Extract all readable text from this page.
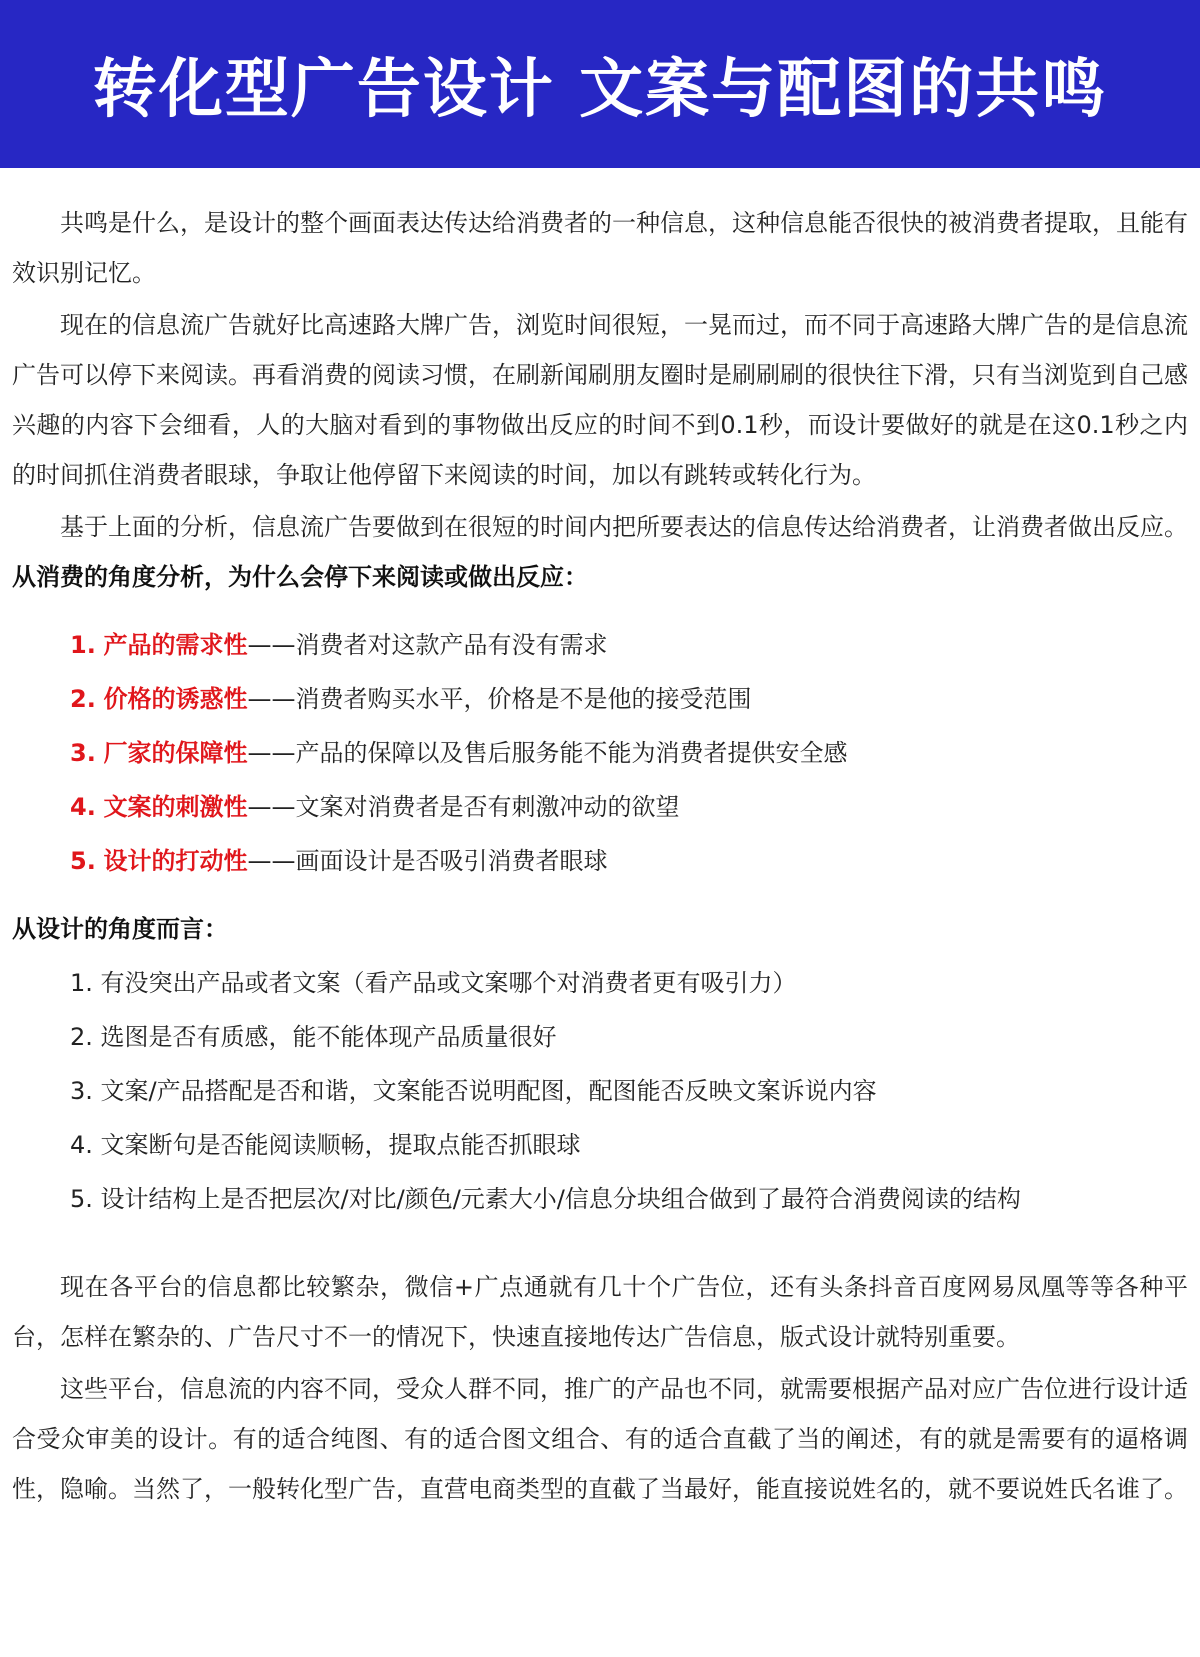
转化型广告设计 文案与配图的共鸣

共鸣是什么，是设计的整个画面表达传达给消费者的一种信息，这种信息能否很快的被消费者提取，且能有效识别记忆。

现在的信息流广告就好比高速路大牌广告，浏览时间很短，一晃而过，而不同于高速路大牌广告的是信息流广告可以停下来阅读。再看消费的阅读习惯，在刷新闻刷朋友圈时是刷刷刷的很快往下滑，只有当浏览到自己感兴趣的内容下会细看，人的大脑对看到的事物做出反应的时间不到0.1秒，而设计要做好的就是在这0.1秒之内的时间抓住消费者眼球，争取让他停留下来阅读的时间，加以有跳转或转化行为。

基于上面的分析，信息流广告要做到在很短的时间内把所要表达的信息传达给消费者，让消费者做出反应。从消费的角度分析，为什么会停下来阅读或做出反应：

1. 产品的需求性——消费者对这款产品有没有需求
2. 价格的诱惑性——消费者购买水平，价格是不是他的接受范围
3. 厂家的保障性——产品的保障以及售后服务能不能为消费者提供安全感
4. 文案的刺激性——文案对消费者是否有刺激冲动的欲望
5. 设计的打动性——画面设计是否吸引消费者眼球
从设计的角度而言：
1. 有没突出产品或者文案（看产品或文案哪个对消费者更有吸引力）
2. 选图是否有质感，能不能体现产品质量很好
3. 文案/产品搭配是否和谐，文案能否说明配图，配图能否反映文案诉说内容
4. 文案断句是否能阅读顺畅，提取点能否抓眼球
5. 设计结构上是否把层次/对比/颜色/元素大小/信息分块组合做到了最符合消费阅读的结构

现在各平台的信息都比较繁杂，微信+广点通就有几十个广告位，还有头条抖音百度网易凤凰等等各种平台，怎样在繁杂的、广告尺寸不一的情况下，快速直接地传达广告信息，版式设计就特别重要。

这些平台，信息流的内容不同，受众人群不同，推广的产品也不同，就需要根据产品对应广告位进行设计适合受众审美的设计。有的适合纯图、有的适合图文组合、有的适合直截了当的阐述，有的就是需要有的逼格调性，隐喻。当然了，一般转化型广告，直营电商类型的直截了当最好，能直接说姓名的，就不要说姓氏名谁了。
